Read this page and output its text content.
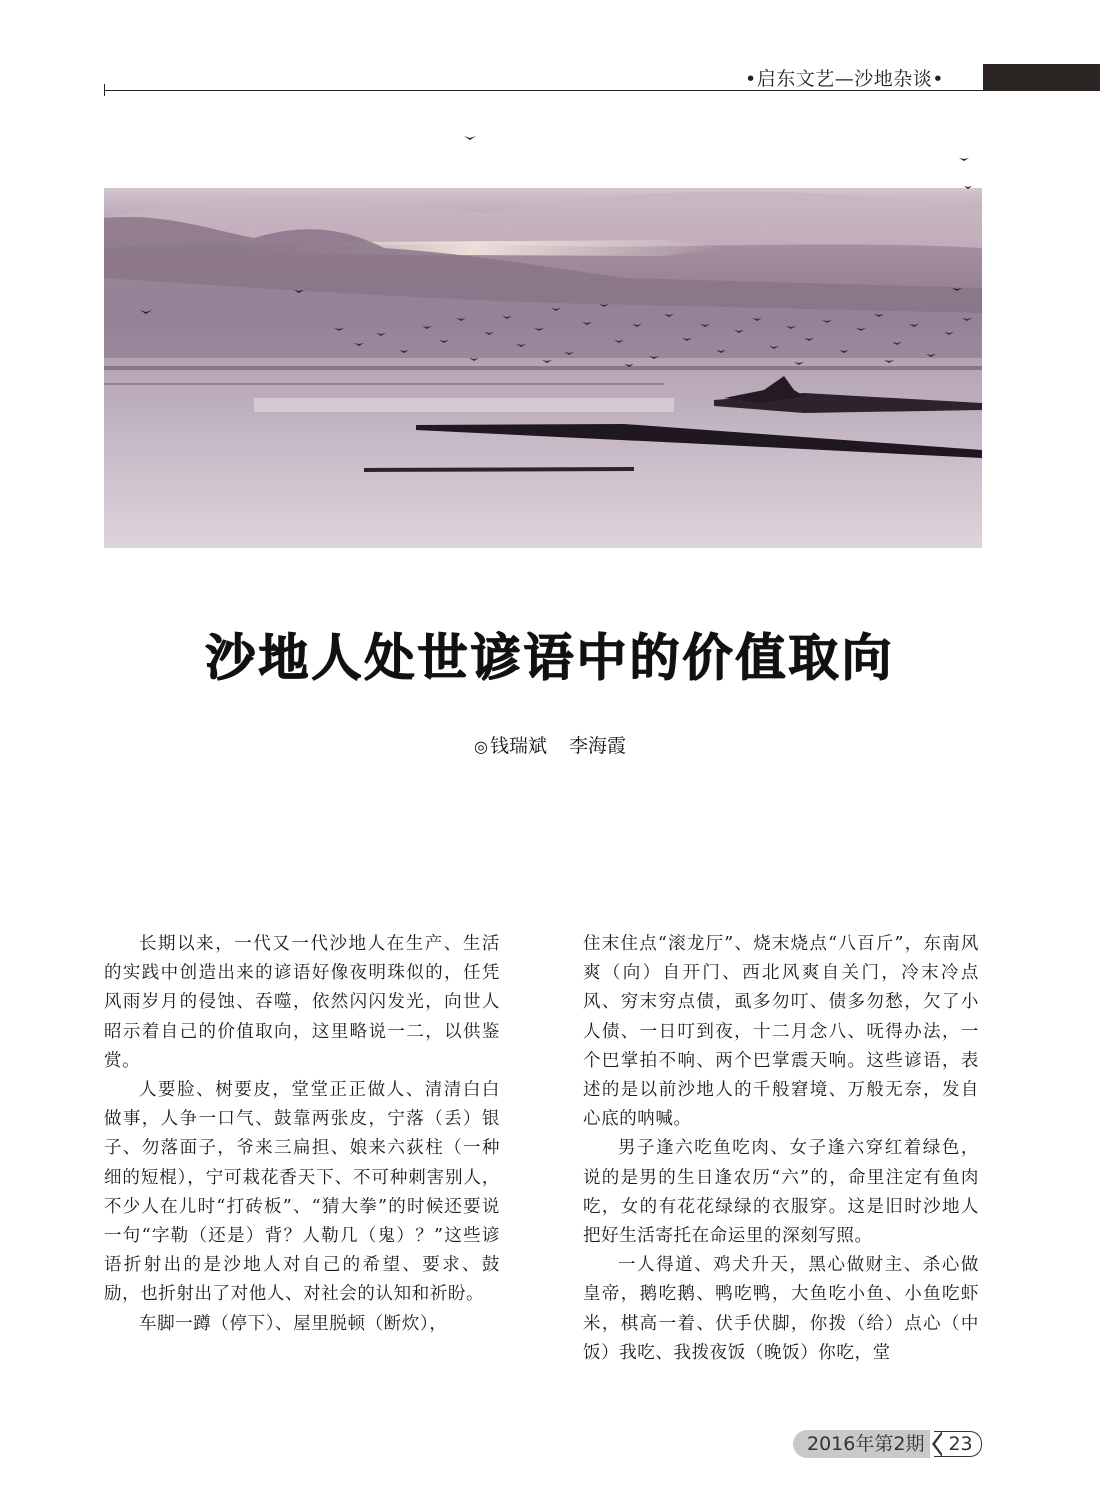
•启东文艺—沙地杂谈•
沙地人处世谚语中的价值取向
◎ 钱瑞斌 李海霞

长期以来，一代又一代沙地人在生产、生活的实践中创造出来的谚语好像夜明珠似的，任凭风雨岁月的侵蚀、吞噬，依然闪闪发光，向世人昭示着自己的价值取向，这里略说一二，以供鉴赏。

人要脸、树要皮，堂堂正正做人、清清白白做事，人争一口气、鼓靠两张皮，宁落（丢）银子、勿落面子，爷来三扁担、娘来六荻柱（一种细的短棍），宁可栽花香天下、不可种刺害别人，不少人在儿时“打砖板”、“猜大拳”的时候还要说一句“字勒（还是）背？人勒几（鬼）？”这些谚语折射出的是沙地人对自己的希望、要求、鼓励，也折射出了对他人、对社会的认知和祈盼。

车脚一蹲（停下）、屋里脱顿（断炊），

住末住点“滚龙厅”、烧末烧点“八百斤”，东南风爽（向）自开门、西北风爽自关门，冷末冷点风、穷末穷点债，虱多勿叮、债多勿愁，欠了小人债、一日叮到夜，十二月念八、呒得办法，一个巴掌拍不响、两个巴掌震天响。这些谚语，表述的是以前沙地人的千般窘境、万般无奈，发自心底的呐喊。

男子逢六吃鱼吃肉、女子逢六穿红着绿色，说的是男的生日逢农历“六”的，命里注定有鱼肉吃，女的有花花绿绿的衣服穿。这是旧时沙地人把好生活寄托在命运里的深刻写照。

一人得道、鸡犬升天，黑心做财主、杀心做皇帝，鹅吃鹅、鸭吃鸭，大鱼吃小鱼、小鱼吃虾米，棋高一着、伏手伏脚，你拨（给）点心（中饭）我吃、我拨夜饭（晚饭）你吃，堂

2016年第2期	23
